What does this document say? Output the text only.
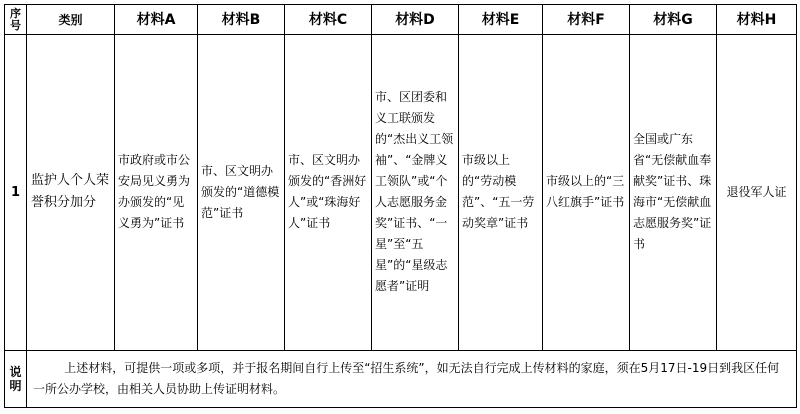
序号	类别	材料A	材料B	材料C	材料D	材料E	材料F	材料G	材料H
1	监护人个人荣誉积分加分	市政府或市公安局见义勇为办颁发的“见义勇为”证书	市、区文明办颁发的“道德模范”证书	市、区文明办颁发的“香洲好人”或“珠海好人”证书	市、区团委和义工联颁发的“杰出义工领袖”、“金牌义工领队”或“个人志愿服务金奖”证书、“一星”至“五星”的“星级志愿者”证明	市级以上的“劳动模范”、“五一劳动奖章”证书	市级以上的“三八红旗手”证书	全国或广东省“无偿献血奉献奖”证书、珠海市“无偿献血志愿服务奖”证书	退役军人证
说明	上述材料，可提供一项或多项，并于报名期间自行上传至“招生系统”，如无法自行完成上传材料的家庭，须在5月17日-19日到我区任何一所公办学校，由相关人员协助上传证明材料。								
